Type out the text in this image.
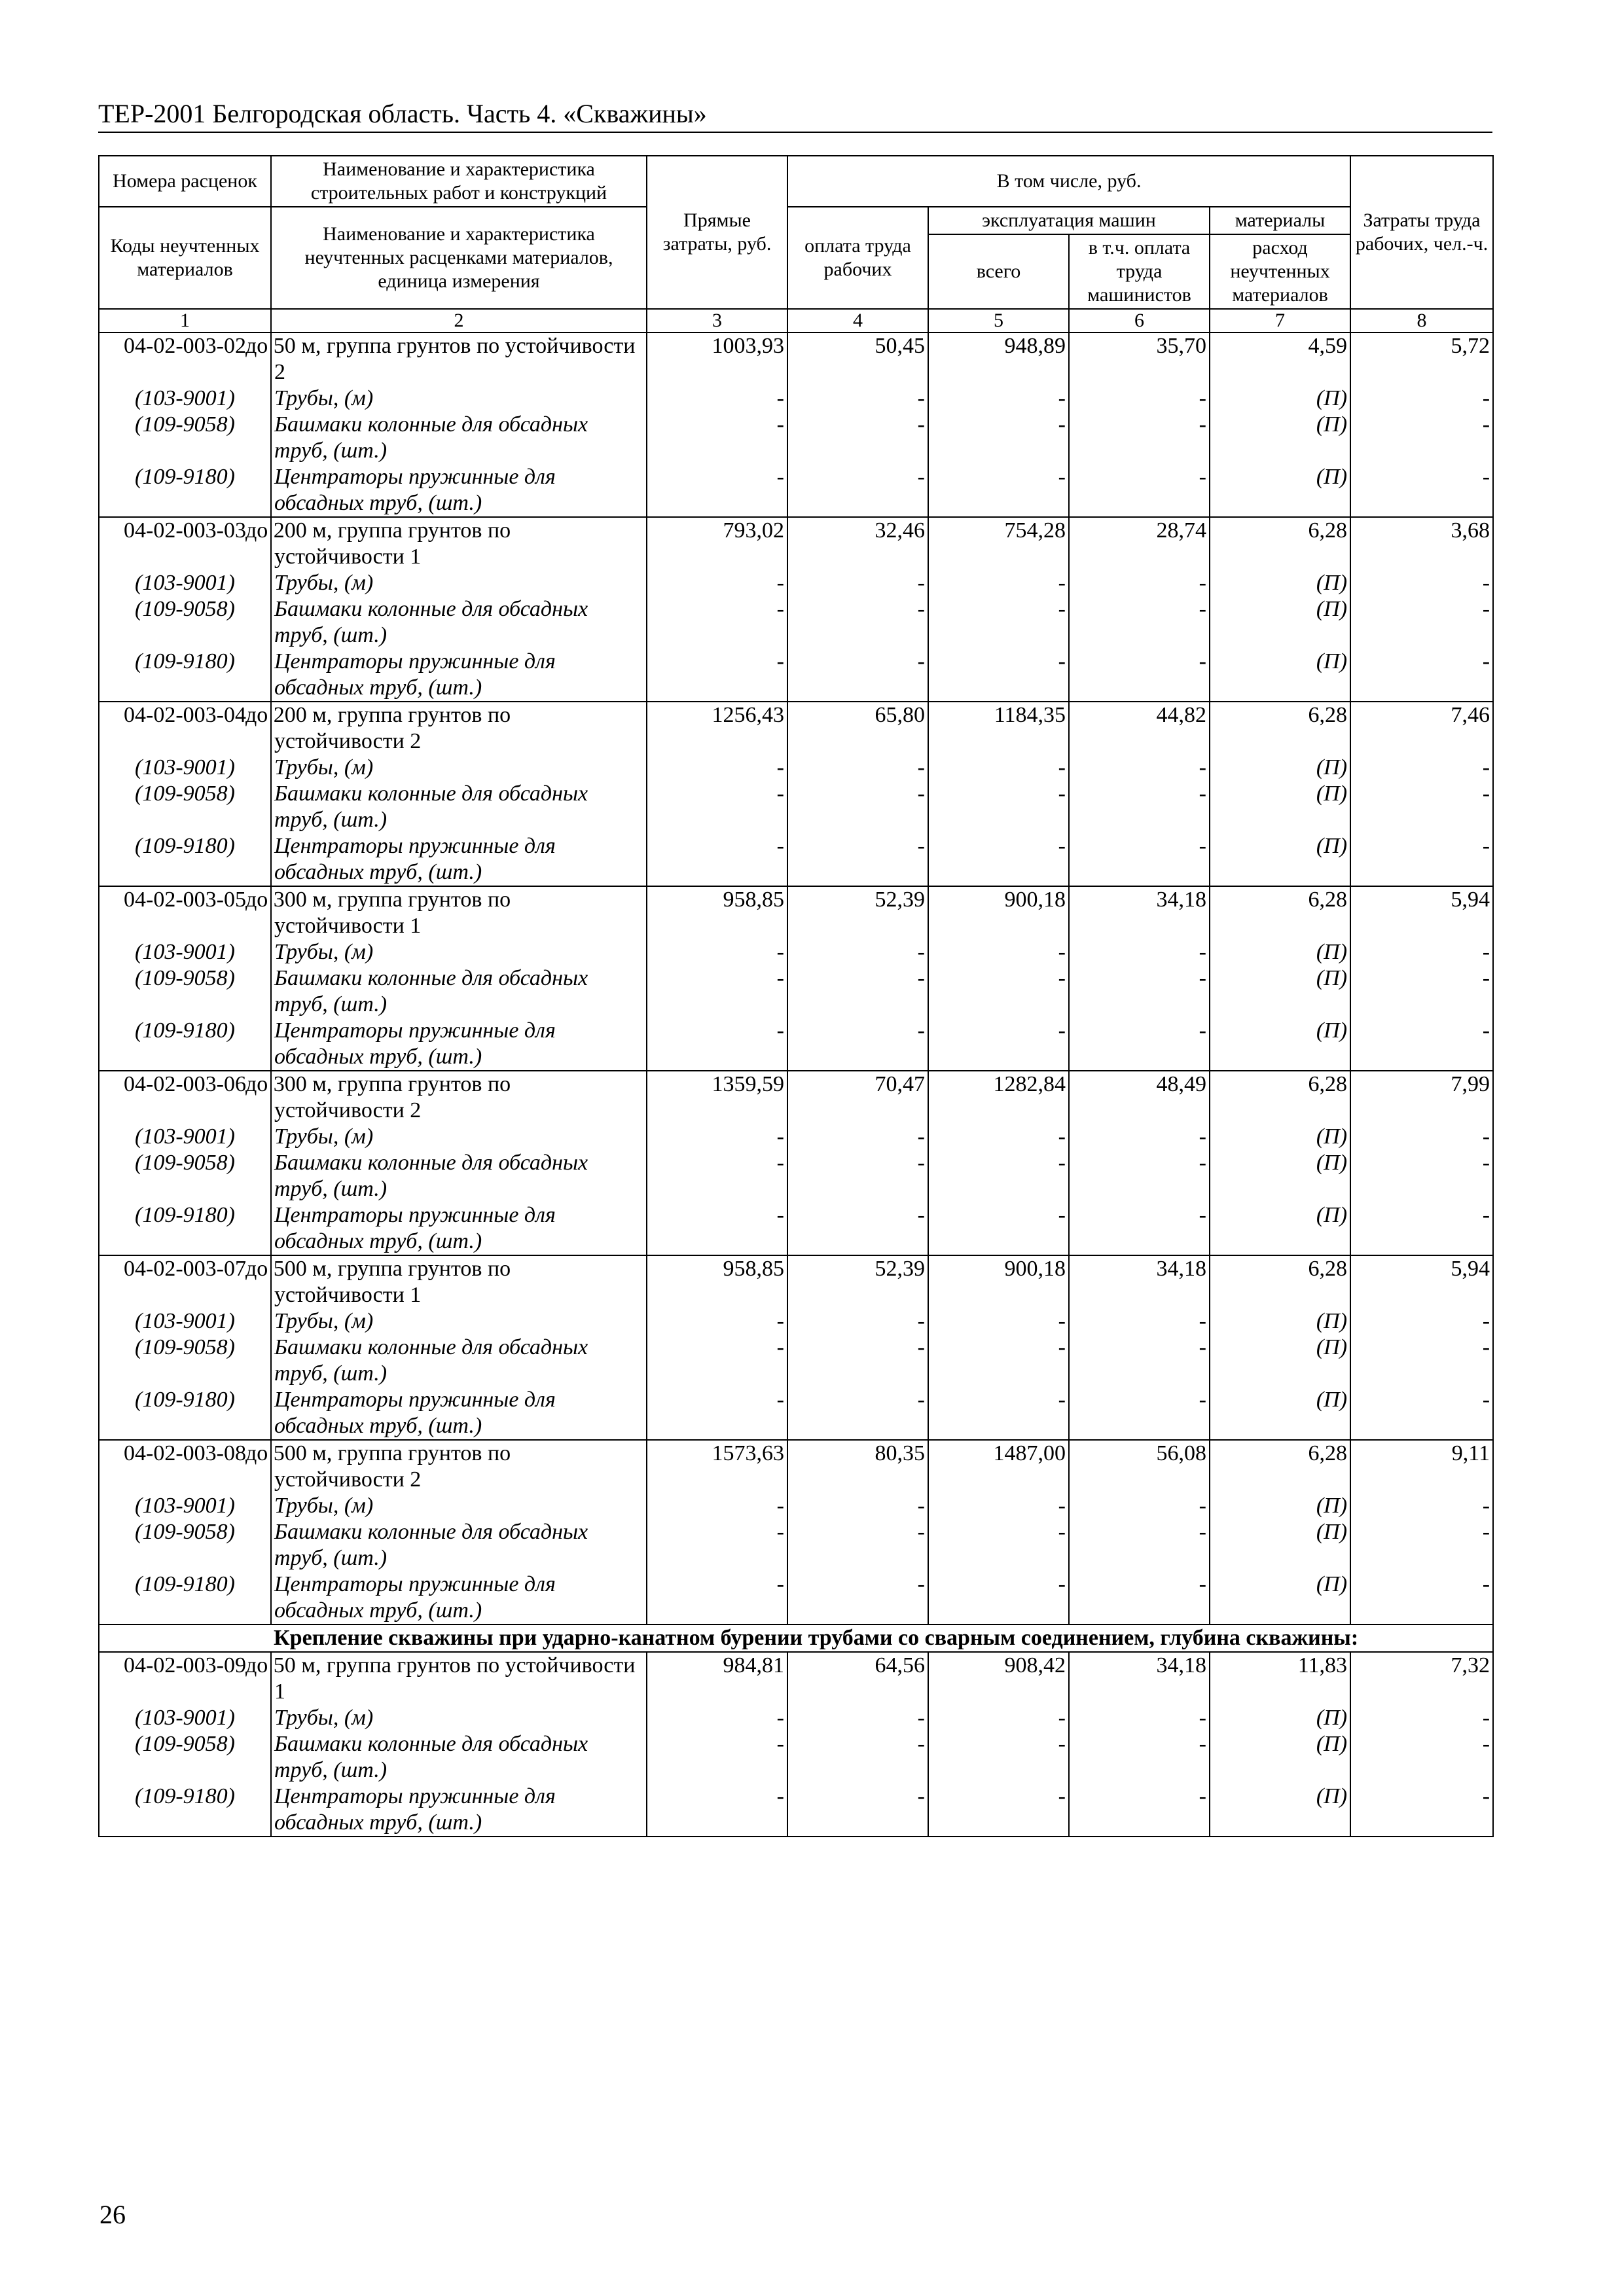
ТЕР-2001 Белгородская область. Часть 4. «Скважины»
Номера расценок	Наименование и характеристика строительных работ и конструкций	Прямые затраты, руб.	В том числе, руб.				Затраты труда рабочих, чел.-ч.
Коды неучтенных материалов	Наименование и характеристика неучтенных расценками материалов, единица измерения		оплата труда рабочих	эксплуатация машин		материалы	
				всего	в т.ч. оплата труда машинистов	расход неучтенных материалов	
1	2	3	4	5	6	7	8
04-02-003-02	до 50 м, группа грунтов по устойчивости 2	1003,93	50,45	948,89	35,70	4,59	5,72
(103-9001)	Трубы, (м)	-	-	-	-	(П)	-
(109-9058)	Башмаки колонные для обсадных труб, (шт.)	-	-	-	-	(П)	-
(109-9180)	Центраторы пружинные для обсадных труб, (шт.)	-	-	-	-	(П)	-
04-02-003-03	до 200 м, группа грунтов по устойчивости 1	793,02	32,46	754,28	28,74	6,28	3,68
(103-9001)	Трубы, (м)	-	-	-	-	(П)	-
(109-9058)	Башмаки колонные для обсадных труб, (шт.)	-	-	-	-	(П)	-
(109-9180)	Центраторы пружинные для обсадных труб, (шт.)	-	-	-	-	(П)	-
04-02-003-04	до 200 м, группа грунтов по устойчивости 2	1256,43	65,80	1184,35	44,82	6,28	7,46
(103-9001)	Трубы, (м)	-	-	-	-	(П)	-
(109-9058)	Башмаки колонные для обсадных труб, (шт.)	-	-	-	-	(П)	-
(109-9180)	Центраторы пружинные для обсадных труб, (шт.)	-	-	-	-	(П)	-
04-02-003-05	до 300 м, группа грунтов по устойчивости 1	958,85	52,39	900,18	34,18	6,28	5,94
(103-9001)	Трубы, (м)	-	-	-	-	(П)	-
(109-9058)	Башмаки колонные для обсадных труб, (шт.)	-	-	-	-	(П)	-
(109-9180)	Центраторы пружинные для обсадных труб, (шт.)	-	-	-	-	(П)	-
04-02-003-06	до 300 м, группа грунтов по устойчивости 2	1359,59	70,47	1282,84	48,49	6,28	7,99
(103-9001)	Трубы, (м)	-	-	-	-	(П)	-
(109-9058)	Башмаки колонные для обсадных труб, (шт.)	-	-	-	-	(П)	-
(109-9180)	Центраторы пружинные для обсадных труб, (шт.)	-	-	-	-	(П)	-
04-02-003-07	до 500 м, группа грунтов по устойчивости 1	958,85	52,39	900,18	34,18	6,28	5,94
(103-9001)	Трубы, (м)	-	-	-	-	(П)	-
(109-9058)	Башмаки колонные для обсадных труб, (шт.)	-	-	-	-	(П)	-
(109-9180)	Центраторы пружинные для обсадных труб, (шт.)	-	-	-	-	(П)	-
04-02-003-08	до 500 м, группа грунтов по устойчивости 2	1573,63	80,35	1487,00	56,08	6,28	9,11
(103-9001)	Трубы, (м)	-	-	-	-	(П)	-
(109-9058)	Башмаки колонные для обсадных труб, (шт.)	-	-	-	-	(П)	-
(109-9180)	Центраторы пружинные для обсадных труб, (шт.)	-	-	-	-	(П)	-
	Крепление скважины при ударно-канатном бурении трубами со сварным соединением, глубина скважины:						
04-02-003-09	до 50 м, группа грунтов по устойчивости 1	984,81	64,56	908,42	34,18	11,83	7,32
(103-9001)	Трубы, (м)	-	-	-	-	(П)	-
(109-9058)	Башмаки колонные для обсадных труб, (шт.)	-	-	-	-	(П)	-
(109-9180)	Центраторы пружинные для обсадных труб, (шт.)	-	-	-	-	(П)	-
26
